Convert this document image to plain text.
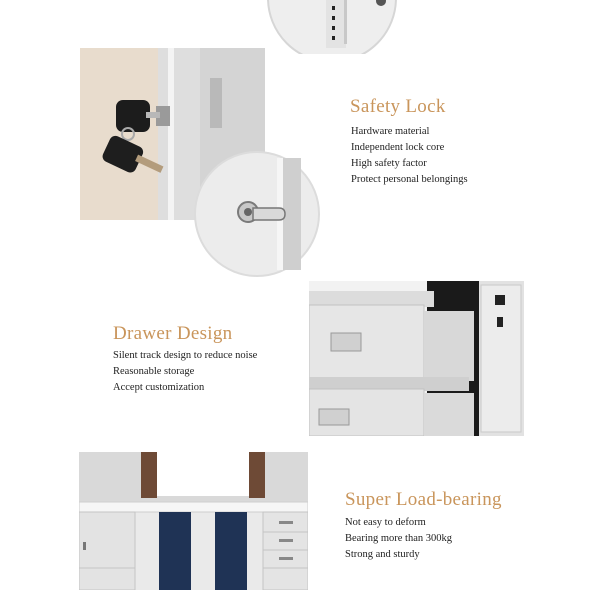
Safety Lock
Hardware material
Independent lock core
High safety factor
Protect personal belongings
Drawer Design
Silent track design to reduce noise
Reasonable storage
Accept customization
Super Load-bearing
Not easy to deform
Bearing more than 300kg
Strong and sturdy
